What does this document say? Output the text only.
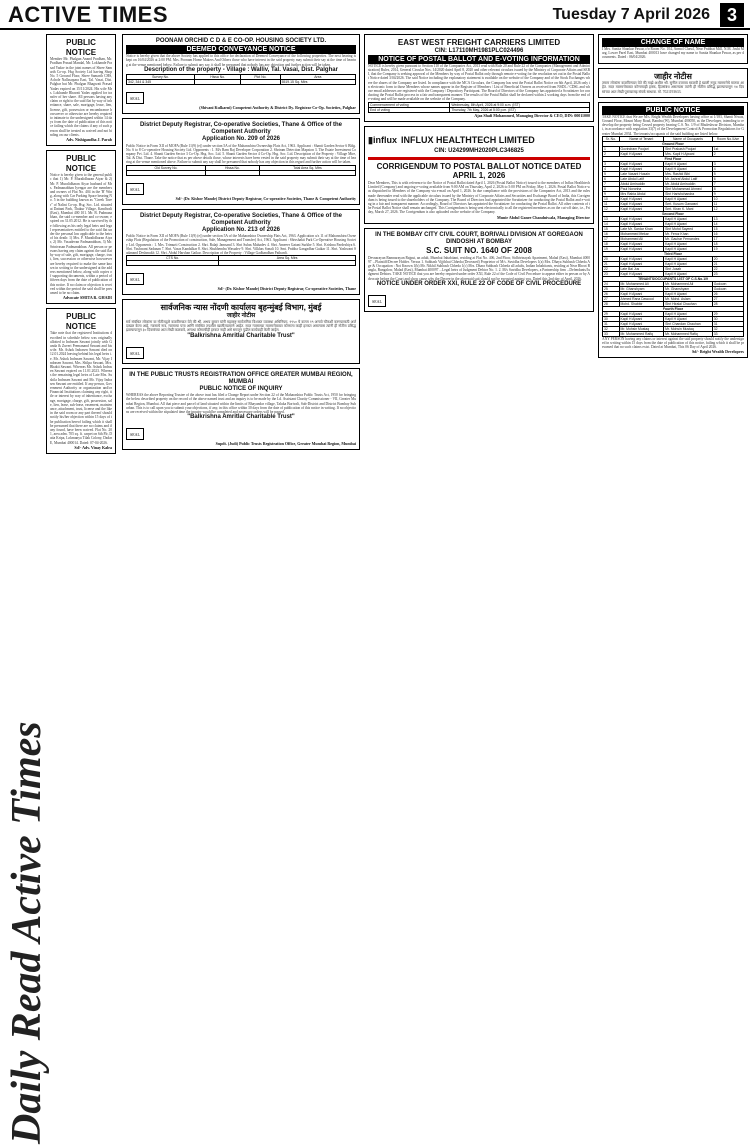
ACTIVE TIMES	Tuesday 7 April 2026 3
Daily Read Active Times
PUBLIC NOTICE
Member Mr. Phalgun Anand Pradhan, Mr. Pradhan Prasad Mandal, Mr. Lokhande Prasad Yadav in the joint names of Shree Samarth Co-op. Hsg Society Ltd having Shop No. 5 Ground Floor, Shree Samarth CHS, Achole Nallasopara East, Tal. Vasai, Dist. Palghar but Mr. Phalgun Bhagwati Prasad Yadav expired on 15/11/2024. His wife Mrs. Lokhande Bhavati Yadav applied for transfer of her share. All persons having any claim or right to the said flat by way of inheritance, share, sale, mortgage, lease, lien, license, gift, possession or encumbrance howsoever or otherwise are hereby required to intimate to the undersigned within 14 days from the date of publication of this notice failing which the claims if any of such person shall be treated as waived and not binding on our clients.
Adv. Nishigandha J. Parab
PUBLIC NOTICE
Notice is hereby given to the general public that 1) Mr. P. Muralidharan Aiyar & 2) Mr. P. Muralidharan Aiyar husband of Mrs. Padmanabhan Iyengar are the members and owners of Flat No. 404 in the 'B' Wing, along with Car Parking Space bearing No. 5 in the building known as "Greek Taver" of Nalini Co-op. Hsg. Soc. Ltd. situated at Dattani Park, Thakur Village, Kandivali (East), Mumbai 400 101. Mr. B. Padmanabhan, the said co-member and co-owner, expired on 31.05.2012. He is survived by the following as his only legal heirs and legal representatives entitled to the said flat under the personal law applicable to the heirs of his death: 1) Mrs. P. Muralidharan Aiyar, 2) Mr. Vasudevan Padmanabhan, 3) Mr. Srinivasan Padmanabhan. All person or persons having any claim against the said flat by way of sale, gift, mortgage, charge, trust, lien, succession or otherwise howsoever are hereby required to make the same known in writing to the undersigned at the address mentioned below, along with copies of supporting documents, within a period of fifteen days from the date of publication of this notice. If no claim or objection is received within the period the said shall be presumed to be no claim.
Advocate SMITA R. GHADI
PUBLIC NOTICE
Take note that the registered Institutions described in schedule below was originally allotted to Indrasen Sawant jointly with Gunda & Zuveri Premanand Sawant and his wife. Mr. Ashok Indrasen Sawant died on 12.01.2024 leaving behind his legal heirs i.e. Mr. Ashok Indrasen Sawant, Mr. Vijay Indrasen Sawant, Mrs. Shilpa Sawant, Mrs. Bhakti Sawant. Whereas Mr. Ashok Indrasen Sawant expired on 11.01.2023. Whereas the remaining legal heirs of Late Mrs. Sushila Indrasen Sawant and Mr. Vijay Indrasen Sawant are entitled. If any person, Government Authority or organization and/or Financial Institutions claiming any right, title or interest by way of inheritance, exchange, mortgage, charge, gift, possession, sale, lien, lease, sub-lease, easement, maintenance, attachment, trust, license and the like in the said room or any part thereof should notify his/her objection within 15 days of the publication hereof failing which it shall be presumed that there are no claims and if any found, have been waived. Flat No. 201, area adm. 705 sq. ft. carpet on 6th Flr, Datta Kripa, Lokmanya Tilak Colony, Dadar E, Mumbai 400014. Dated: 07-04-2026.
Sd/- Adv. Vinay Kalra
POONAM ORCHID C D & E CO-OP. HOUSING SOCIETY LTD.
DEEMED CONVEYANCE NOTICE
Notice is hereby given that the above Society has applied to this office for declaration of Deemed Conveyance of the following properties. The next hearing is kept on 16/04/2026 at 2:00 PM. Mrs. Poonam Home Makers And Others those who have interest in the said property may submit their say at the time of hearing at the venue mentioned below. Failure to submit any say, it shall be presumed that nobody has any objection and further action will be taken.
Description of the property - Village : Walliv, Tal. Vasai, Dist. Palghar
Survey No.	Hissa No.	Plot No.	Area
342, 344 & 345			5519.15 Sq. Mtrs
SEAL
(Shivani Kulkarni) Competent Authority & District Dy. Registrar Co-Op. Societies, Palghar
District Deputy Registrar, Co-operative Societies, Thane & Office of the Competent Authority
Application No. 209 of 2026
Public Notice in Form XII of MOFA (Rule 11(9) (e)) under section 5A of the Maharashtra Ownership Flats Act, 1963. Applicant : Shanti Garden Sector 6 Bldg. No. 6 to 8 Co-operative Housing Society Ltd. Opponents : 1. M/s Ram Raj Developer Corporation 2. Shriram Detection Mapsion 3. The Estate Investment Company Pvt. Ltd. 4. Shanti Garden Sector 3 Co-Op. Hsg. Soc. Ltd. 5. Shanti Garden Sector 4 Co-Op. Hsg. Soc. Ltd. Description of the Property : Village Mire, Tal. & Dist. Thane. Take the notice that as per above details those, whose interests have been vested in the said property may submit their say at the time of hearing at the venue mentioned above. Failure to submit any say shall be presumed that nobody has any objection in this regard and further action will be taken.
Old Survey No.	Hissa No.	Total Area Sq. Mtrs

SEAL
Sd/- (Dr. Kishor Mande) District Deputy Registrar, Co-operative Societies, Thane & Competent Authority
District Deputy Registrar, Co-operative Societies, Thane & Office of the Competent Authority
Application No. 213 of 2026
Public Notice in Form XII of MOFA (Rule 11(9) (e)) under section 5A of the Maharashtra Ownership Flats Act, 1963. Application u/s 11 of Maharashtra Ownership Flats (Regulation of the Promotion of construction, Sale, Management and Transfer) Act, 1963. Applicant : Shivshakti Park Co-Operative Housing Society Ltd. Opponents : 1. Mrs. Trimurti Construction 2. Shri. Balaji Jamsand 3. Shri Suhas Mahadev 4. Shri. Ameeer Gatani Surkhe 5. Shri. Krishna Pardeshiya 6. Shri. Yashwant Sadanan 7. Shri. Vasas Kandalkar 8. Shri. Shubhendra Wasudev 9. Shri. Vilkhas Sonali 10. Smt. Prabha Gangadhar Gaikar 11. Shri. Yashwant Sadanand Deshmukh 12. Shri. Abdul Harshan Gaikar. Description of the Property : Village Gadbandhan Pathardi.
CTS No.	Area Sq. Mtrs

SEAL
Sd/- (Dr. Kishor Mande) District Deputy Registrar, Co-operative Societies, Thane
सार्वजनिक न्यास नोंदणी कार्यालय बृहन्मुंबई विभाग, मुंबई
जाहीर नोटीस
सर्व संबंधित लोकांना या नोटीसद्वारे कळविण्यात येते की श्री. अभय कुमार यांनी महाराष्ट्र सार्वजनिक विश्वस्त व्यवस्था अधिनियम, १९५० चे कलम १९ अन्वये चौकशी करण्यासाठी अर्ज दाखल केला आहे. न्यासाचे नाव, न्यासाचा पत्ता आणि संबंधित तपशील खालीलप्रमाणे आहेत. सदर न्यासाच्या मालमत्तेबाबत कोणाला काही हरकत असल्यास त्यांनी ही नोटीस प्रसिद्ध झाल्यापासून ३० दिवसांच्या आत लेखी कळवावे, अन्यथा कोणाचीही हरकत नाही असे समजून पुढील कार्यवाही केली जाईल.
"Balkrishna Amritlal Charitable Trust"
SEAL
IN THE PUBLIC TRUSTS REGISTRATION OFFICE GREATER MUMBAI REGION, MUMBAI
PUBLIC NOTICE OF INQUIRY
WHEREAS the above Reporting Trustee of the above trust has filed a Change Report under Section 22 of the Maharashtra Public Trusts Act, 1950 for bringing the below described property on the record of the above named trust and an inquiry is to be made by the Ld. Assistant Charity Commissioner - VII, Greater Mumbai Region, Mumbai. All that piece and parcel of land situated within the limits of Bhayandar village, Taluka Borivali, Sub-District and District Bombay Suburban. This is to call upon you to submit your objections, if any, in this office within 30 days from the date of publication of this notice in writing. If no objections are received within the stipulated time the inquiry would be completed and necessary orders will be passed.
"Balkrishna Amritlal Charitable Trust"
SEAL
Supdt. (Judi) Public Trusts Registration Office, Greater Mumbai Region, Mumbai
EAST WEST FREIGHT CARRIERS LIMITED
CIN: L17110MH1981PLC024496
NOTICE OF POSTAL BALLOT AND E-VOTING INFORMATION
NOTICE is hereby given pursuant to Section 110 of the Companies Act, 2013 read with Rule 20 and Rule 22 of the Companies (Management and Administration) Rules, 2014, General Circular Nos. 14/2020 dated April 8, 2020 and other relevant circulars issued by the Ministry of Corporate Affairs and SEBI, that the Company is seeking approval of the Members by way of Postal Ballot only through remote e-voting for the resolution set out in the Postal Ballot Notice dated 3/04/2026. The said Notice including the explanatory statement is available on the website of the Company and of the Stock Exchanges where the shares of the Company are listed. In compliance with the MCA Circulars, the Company has sent the Postal Ballot Notice on 6th April, 2026 only in electronic form to those Members whose names appear in the Register of Members / List of Beneficial Owners as received from NSDL / CDSL and whose email addresses are registered with the Company / Depository Participant. The Board of Directors of the Company has appointed a Scrutinizer for conducting the Postal Ballot process in a fair and transparent manner. The results of the Postal Ballot shall be declared within 2 working days from the end of e-voting and will be made available on the website of the Company.
Commencement of voting	Wednesday, 8th April, 2026 at 9:00 a.m. (IST)
End of voting	Thursday, 7th May, 2026 at 5:00 p.m. (IST)
Ajaz Shafi Mohammed, Managing Director & CEO, DIN: 00011000
▮influx INFLUX HEALTHTECH LIMITED
CIN: U24299MH2020PLC346825
CORRIGENDUM TO POSTAL BALLOT NOTICE DATED APRIL 1, 2026
Dear Members, This is with reference to the Notice of Postal Ballot dated April 1, 2026 (Postal Ballot Notice) issued to the members of Influx Healthtech Limited (Company) and ongoing e-voting available from 9:00 AM on Thursday, April 2, 2026 to 5:00 PM on Friday, May 1, 2026. Postal Ballot Notice was dispatched to Members of the Company via e-mail on April 1, 2026. In due compliance with the provisions of the Companies Act, 2013 and the rules made thereunder read with the applicable circulars issued by the Ministry of Corporate Affairs and Securities and Exchange Board of India, this Corrigendum is being issued to the shareholders of the Company. The Board of Directors had appointed the Scrutinizer for conducting the Postal Ballot and e-voting in a fair and transparent manner. Accordingly, Board of Directors has appointed the Scrutinizer for conducting the Postal Ballot. All other contents of the Postal Ballot Notice shall remain unchanged. This Corrigendum is being sent electronically to all the registered members as on the cut-off date, i.e., Friday, March 27, 2026. The Corrigendum is also uploaded on the website of the Company.
Munir Abdul Ganee Chandniwala, Managing Director
IN THE BOMBAY CITY CIVIL COURT, BORIVALI DIVISION AT GOREGAON DINDOSHI AT BOMBAY
S.C. SUIT NO. 1640 OF 2008
Devnarayan Ramnarayan Rajput, an adult, Mumbai Inhabitant, residing at Flat No. 406, 2nd Floor, Sidhivinayak Apartment, Malad (East), Mumbai 400097 ...Plaintiff/Decree Holder. Versus 1. Subhash Vijjibhai Chheda (Deceased) Proprietor of M/s. Suvidha Developers 1(a) Mrs. Dhaya Subhash Chheda Age & Occupation : Not Known 1(b) Mr. Nikhil Subhash Chheda 1(c) Mrs. Dhara Subhash Chheda all adults, Indian Inhabitants, residing at Near Bhoot Bangla, Bungalow, Malad (East), Mumbai 400097 ...Legal heirs of Judgment Debtor No. 1. 2. M/s Suvidha Developers, a Partnership firm ...Defendants/Judgment Debtors. TAKE NOTICE that you are hereby required under order XXI, Rule 22 of the Code of Civil Procedure to appear either in person or by Advocate before the Court and show cause why the Decree in the aforesaid suit should not be executed against you. Dated this 2nd day of April, 2026.
NOTICE UNDER ORDER XXI, RULE 22 OF CODE OF CIVIL PROCEDURE
SEAL
CHANGE OF NAME
I Mrs. Sunita Shankar Pawar, r/o Room No. 104, Anmol Chawl, Near Prabhat Mill, N.M. Joshi Marg, Lower Parel East, Mumbai 400013 have changed my name to Sunita Shankar Pawar, as per documents. Dated : 06/04/2026.
जाहीर नोटीस
तमाम लोकांना कळविण्यात येते की माझे अशील श्री. सुनील दत्तात्रय साळवी हे खाली नमूद मालमत्तेचे मालक आहेत. सदर मालमत्तेबाबत कोणाचाही हक्क, हितसंबंध असल्यास त्यांनी ही नोटीस प्रसिद्ध झाल्यापासून १४ दिवसांच्या आत लेखी पुराव्यासह संपर्क साधावा. मो. 7021193633.
PUBLIC NOTICE
TAKE NOTICE that We are M/s. Bright Wealth Developers having office at 1/183, Shanti Niwas, Ground Floor, Mount Mary Road, Bandra (W), Mumbai 400050, as the Developer, intending to redevelop the property being Cessed property bearing C.S. No. 1/9 of Bhuleshwar Division, Mumbai, in accordance with regulation 33(7) of the Development Control & Promotion Regulations for Greater Mumbai 2034. The tenants/occupants of the said building are listed below.
Sr. No.	Name of Tenant	Name of Occupants	Room No./Use
Ground Floor			
1	Govindram Poojari	Shri Prakash Poojari	1st
2	Kapil H Ajwani	Mrs. Kapil H Ajwani	2
First Floor			
3	Kapil H Ajwani	Kapil H Ajwani	3
4	Kapil H Ajwani	Kapil H Ajwani	4
5	Late Vasant Husain	Mrs. Rashid Bibi	5
6	Late Abdul Latif	Mr. Ashraf Abdul Latif	6
7	Abdul Amiruddin	Mr. Abdul Amiruddin	7
8	Paul Noronha	Shri Muhammad Ahmed	8
9	Mrs Rabia Abdul	Shri Harishchandra	9
10	Kapil H Ajwani	Kapil H Ajwani	10
11	Kapil H Ajwani	Smt. Kusum Ganwani	11
12	Kapil H Ajwani	Smt. Kiran K. Mani	12
Second Floor			
13	Kapil H Ajwani	Kapil H Ajwani	13
14	Kapil H Ajwani	Kapil H Ajwani	14
15	Late Mr. Sardar Khan	Shri Mohd Sayeed	15
16	Mohammed Iftekar	Mr. Feroz Khan	16
17	Mohammed Ali	Mr. Gauhar Fernandes	17
18	Kapil H Ajwani	Kapil H Ajwani	18
19	Kapil H Ajwani	Kapil H Ajwani	19
Third Floor			
20	Kapil H Ajwani	Kapil H Ajwani	20
21	Kapil H Ajwani	Kapil H Ajwani	21
22	Late Bai Jus	Shri Jusab	22
23	Kapil H Ajwani	Kapil H Ajwani	23
TENANTS/OCCUPANTS LIST OF C.S.No.1/9			
24	Mr. Mohammed Ali	Mr. Mohammed Ali	Godown
25	Mr. Ghanshyam	Mr. Ghanshyam	Godown
26	Kapil H Ajwani	Kapil H Ajwani	26
27	Ahmed Rana Dawood	Mr. Mohd. Aslam	27
28	Mohd. Shabbir	Shri Hiralal Chauhan	28
Fourth Floor			
29	Kapil H Ajwani	Kapil H Ajwani	29
30	Kapil H Ajwani	Kapil H Ajwani	30
31	Kapil H Ajwani	Shri Chandan Chauhan	31
32	Mr. Mohsin Mustaq	Mr. Mohsin Mustaq	32
33	Mr. Mohammed Rafiq	Mr. Mohammed Rafiq	33
ANY PERSON having any claims or interest against the said property should notify the undersigned in writing within 15 days from the date of publication of this notice, failing which it shall be presumed that no such claims exist. Dated at Mumbai, This 06 Day of April 2026.
Sd/- Bright Wealth Developers
